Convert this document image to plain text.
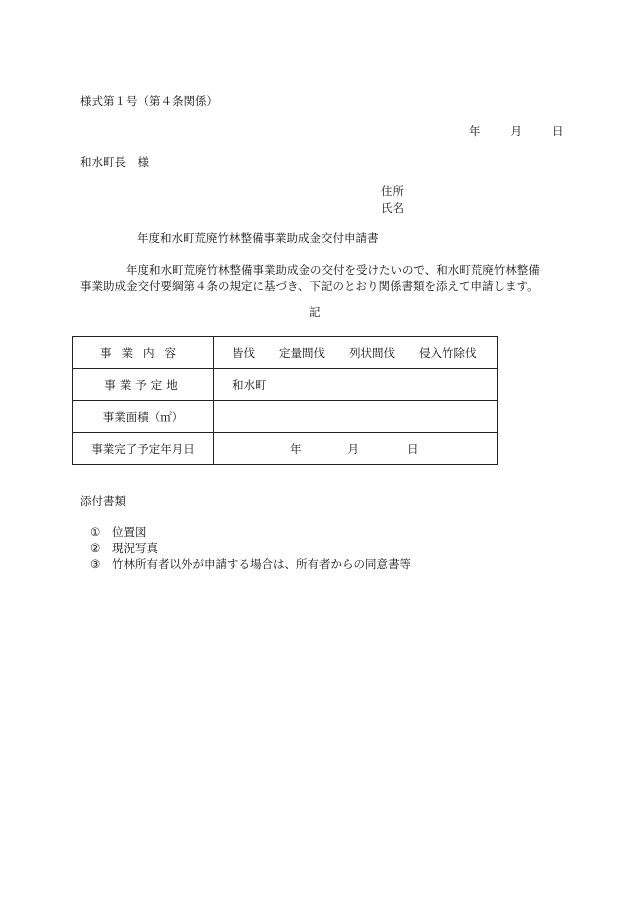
様式第１号（第４条関係）
年	月	日
和水町長　様
住所
氏名
年度和水町荒廃竹林整備事業助成金交付申請書
年度和水町荒廃竹林整備事業助成金の交付を受けたいので、和水町荒廃竹林整備
事業助成金交付要綱第４条の規定に基づき、下記のとおり関係書類を添えて申請します。
記
事業内容	皆伐 定量間伐 列状間伐 侵入竹除伐
事業予定地	和水町
事業面積（㎡）	
事業完了予定年月日	年 月 日
添付書類
① 位置図
② 現況写真
③ 竹林所有者以外が申請する場合は、所有者からの同意書等
